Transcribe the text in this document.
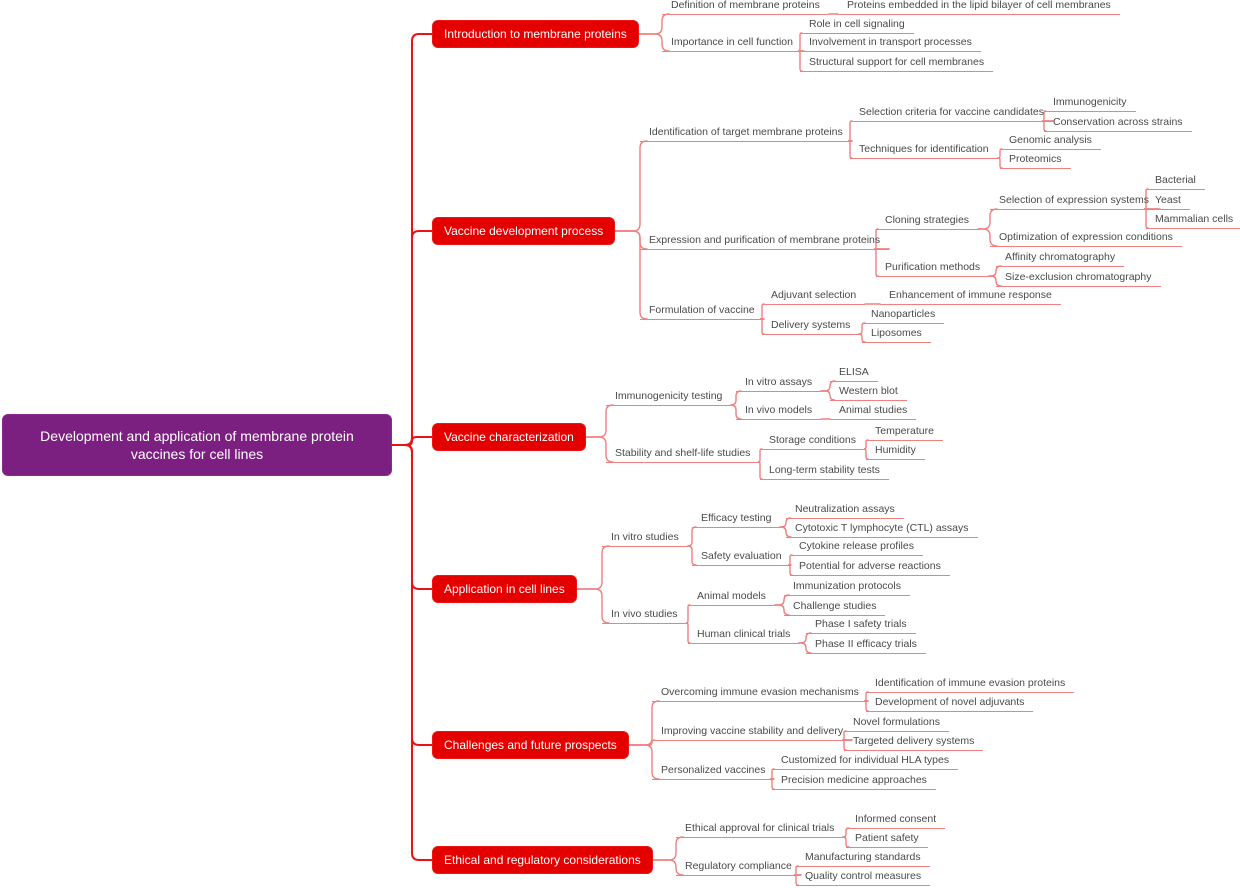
Development and application of membrane protein vaccines for cell lines
Introduction to membrane proteins
Definition of membrane proteins	Proteins embedded in the lipid bilayer of cell membranes
Importance in cell function
Role in cell signaling
Involvement in transport processes
Structural support for cell membranes
Vaccine development process
Identification of target membrane proteins
Selection criteria for vaccine candidates
Immunogenicity
Conservation across strains
Techniques for identification
Genomic analysis
Proteomics
Expression and purification of membrane proteins
Cloning strategies
Selection of expression systems
Bacterial
Yeast
Mammalian cells
Optimization of expression conditions
Purification methods
Affinity chromatography
Size-exclusion chromatography
Formulation of vaccine
Adjuvant selection	Enhancement of immune response
Delivery systems
Nanoparticles
Liposomes
Vaccine characterization
Immunogenicity testing
In vitro assays
ELISA
Western blot
In vivo models	Animal studies
Stability and shelf-life studies
Storage conditions
Temperature
Humidity
Long-term stability tests
Application in cell lines
In vitro studies
Efficacy testing
Neutralization assays
Cytotoxic T lymphocyte (CTL) assays
Safety evaluation
Cytokine release profiles
Potential for adverse reactions
In vivo studies
Animal models
Immunization protocols
Challenge studies
Human clinical trials
Phase I safety trials
Phase II efficacy trials
Challenges and future prospects
Overcoming immune evasion mechanisms
Identification of immune evasion proteins
Development of novel adjuvants
Improving vaccine stability and delivery
Novel formulations
Targeted delivery systems
Personalized vaccines
Customized for individual HLA types
Precision medicine approaches
Ethical and regulatory considerations
Ethical approval for clinical trials
Informed consent
Patient safety
Regulatory compliance
Manufacturing standards
Quality control measures
